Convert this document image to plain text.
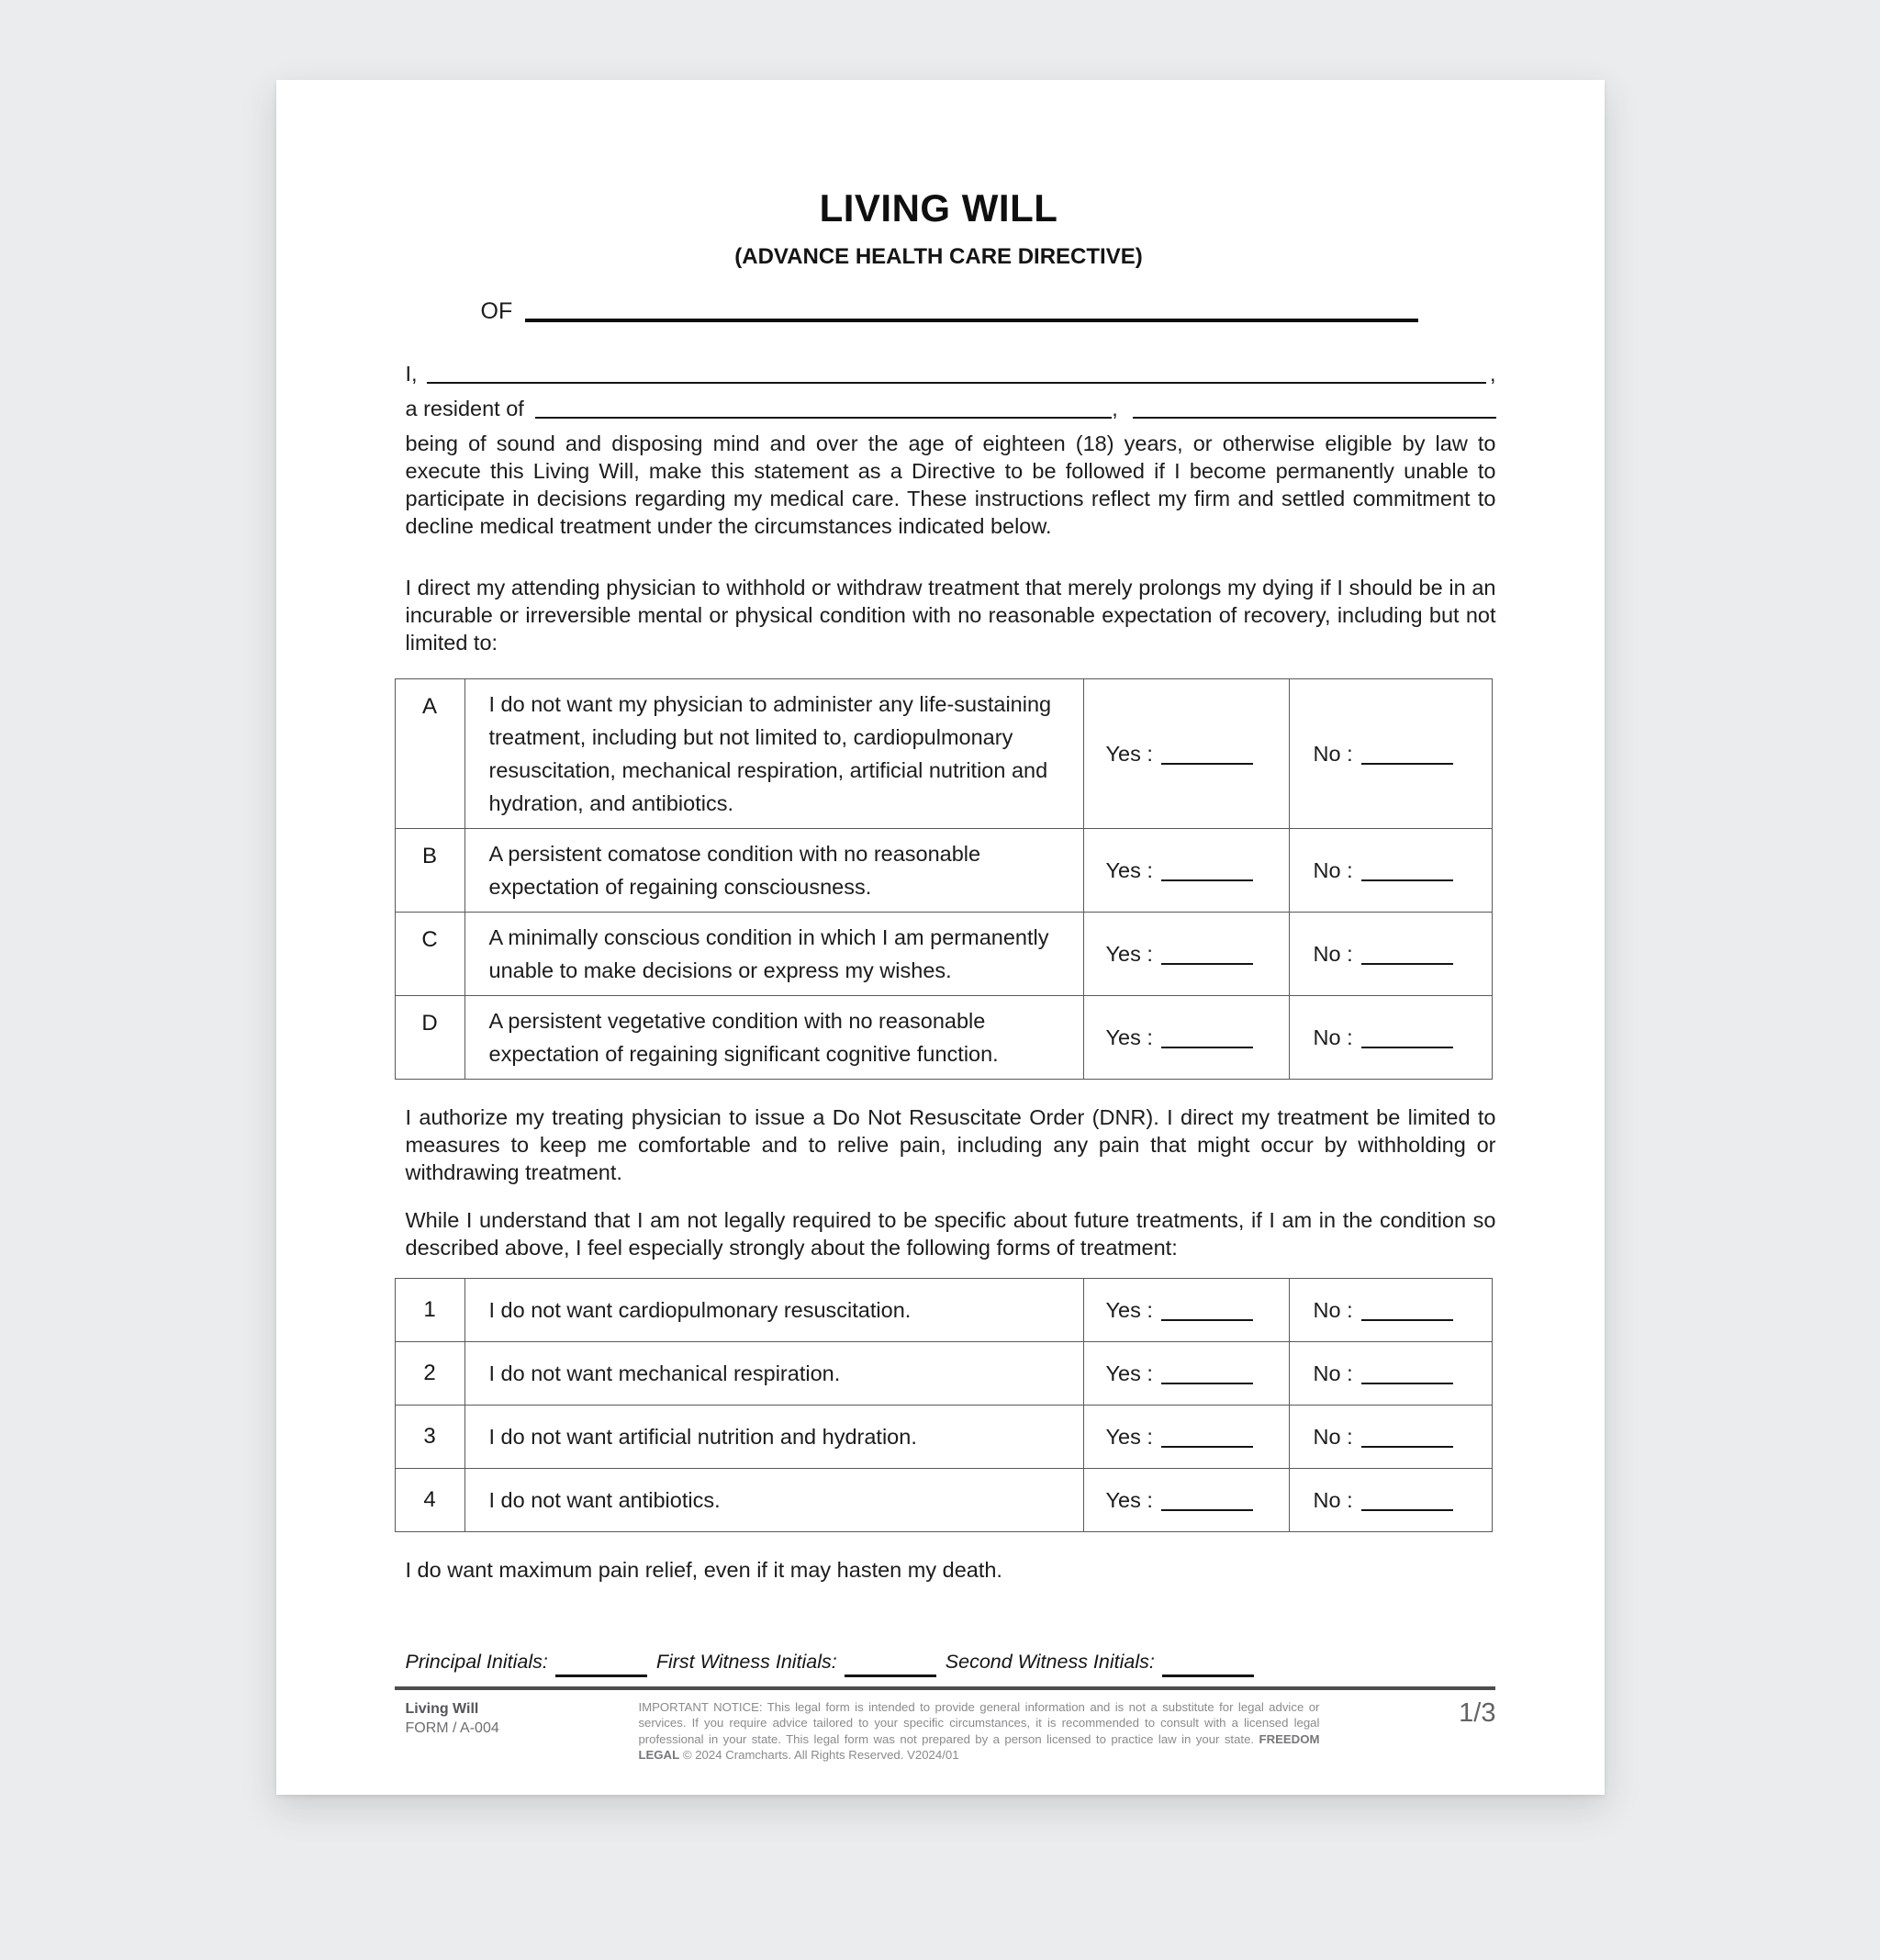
LIVING WILL
(ADVANCE HEALTH CARE DIRECTIVE)
OF
I,	,
a resident of	,

being of sound and disposing mind and over the age of eighteen (18) years, or otherwise eligible by law to execute this Living Will, make this statement as a Directive to be followed if I become permanently unable to participate in decisions regarding my medical care. These instructions reflect my firm and settled commitment to decline medical treatment under the circumstances indicated below.

I direct my attending physician to withhold or withdraw treatment that merely prolongs my dying if I should be in an incurable or irreversible mental or physical condition with no reasonable expectation of recovery, including but not limited to:

A	I do not want my physician to administer any life-sustaining treatment, including but not limited to, cardiopulmonary resuscitation, mechanical respiration, artificial nutrition and hydration, and antibiotics.	Yes :	No :
B	A persistent comatose condition with no reasonable expectation of regaining consciousness.	Yes :	No :
C	A minimally conscious condition in which I am permanently unable to make decisions or express my wishes.	Yes :	No :
D	A persistent vegetative condition with no reasonable expectation of regaining significant cognitive function.	Yes :	No :

I authorize my treating physician to issue a Do Not Resuscitate Order (DNR). I direct my treatment be limited to measures to keep me comfortable and to relive pain, including any pain that might occur by withholding or withdrawing treatment.

While I understand that I am not legally required to be specific about future treatments, if I am in the condition so described above, I feel especially strongly about the following forms of treatment:

1	I do not want cardiopulmonary resuscitation.	Yes :	No :
2	I do not want mechanical respiration.	Yes :	No :
3	I do not want artificial nutrition and hydration.	Yes :	No :
4	I do not want antibiotics.	Yes :	No :

I do want maximum pain relief, even if it may hasten my death.

Principal Initials:	First Witness Initials:	Second Witness Initials:
Living Will
FORM / A-004
IMPORTANT NOTICE: This legal form is intended to provide general information and is not a substitute for legal advice or services. If you require advice tailored to your specific circumstances, it is recommended to consult with a licensed legal professional in your state. This legal form was not prepared by a person licensed to practice law in your state. FREEDOM LEGAL © 2024 Cramcharts. All Rights Reserved. V2024/01
1/3
